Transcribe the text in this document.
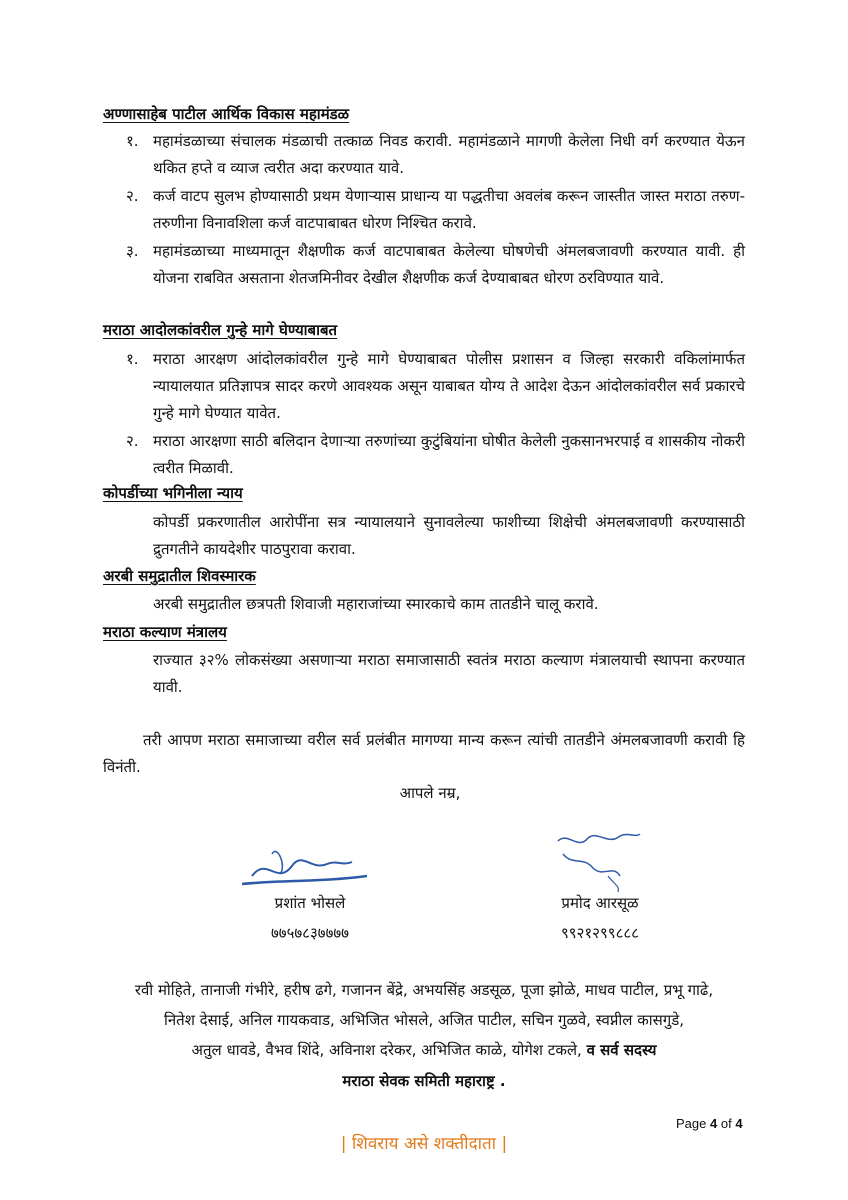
अण्णासाहेब पाटील आर्थिक विकास महामंडळ
१. महामंडळाच्या संचालक मंडळाची तत्काळ निवड करावी. महामंडळाने मागणी केलेला निधी वर्ग करण्यात येऊन थकित हप्ते व व्याज त्वरीत अदा करण्यात यावे.
२. कर्ज वाटप सुलभ होण्यासाठी प्रथम येणाऱ्यास प्राधान्य या पद्धतीचा अवलंब करून जास्तीत जास्त मराठा तरुण-तरुणीना विनावशिला कर्ज वाटपाबाबत धोरण निश्चित करावे.
३. महामंडळाच्या माध्यमातून शैक्षणीक कर्ज वाटपाबाबत केलेल्या घोषणेची अंमलबजावणी करण्यात यावी. ही योजना राबवित असताना शेतजमिनीवर देखील शैक्षणीक कर्ज देण्याबाबत धोरण ठरविण्यात यावे.
मराठा आदोलकांवरील गुन्हे मागे घेण्याबाबत
१. मराठा आरक्षण आंदोलकांवरील गुन्हे मागे घेण्याबाबत पोलीस प्रशासन व जिल्हा सरकारी वकिलांमार्फत न्यायालयात प्रतिज्ञापत्र सादर करणे आवश्यक असून याबाबत योग्य ते आदेश देऊन आंदोलकांवरील सर्व प्रकारचे गुन्हे मागे घेण्यात यावेत.
२. मराठा आरक्षणा साठी बलिदान देणाऱ्या तरुणांच्या कुटुंबियांना घोषीत केलेली नुकसानभरपाई व शासकीय नोकरी त्वरीत मिळावी.
कोपर्डीच्या भगिनीला न्याय
कोपर्डी प्रकरणातील आरोपींना सत्र न्यायालयाने सुनावलेल्या फाशीच्या शिक्षेची अंमलबजावणी करण्यासाठी द्रुतगतीने कायदेशीर पाठपुरावा करावा.
अरबी समुद्रातील शिवस्मारक
अरबी समुद्रातील छत्रपती शिवाजी महाराजांच्या स्मारकाचे काम तातडीने चालू करावे.
मराठा कल्याण मंत्रालय
राज्यात ३२% लोकसंख्या असणाऱ्या मराठा समाजासाठी स्वतंत्र मराठा कल्याण मंत्रालयाची स्थापना करण्यात यावी.
तरी आपण मराठा समाजाच्या वरील सर्व प्रलंबीत मागण्या मान्य करून त्यांची तातडीने अंमलबजावणी करावी हि विनंती.
आपले नम्र,
प्रशांत भोसले
७७५७८३७७७७
प्रमोद आरसूळ
९९२१२९९८८८
रवी मोहिते, तानाजी गंभीरे, हरीष ढगे, गजानन बेंद्रे, अभयसिंह अडसूळ, पूजा झोळे, माधव पाटील, प्रभू गाढे,
नितेश देसाई, अनिल गायकवाड, अभिजित भोसले, अजित पाटील, सचिन गुळवे, स्वप्नील कासगुडे,
अतुल धावडे, वैभव शिंदे, अविनाश दरेकर, अभिजित काळे, योगेश टकले, व सर्व सदस्य
मराठा सेवक समिती महाराष्ट्र .
Page 4 of 4
| शिवराय असे शक्तीदाता |
